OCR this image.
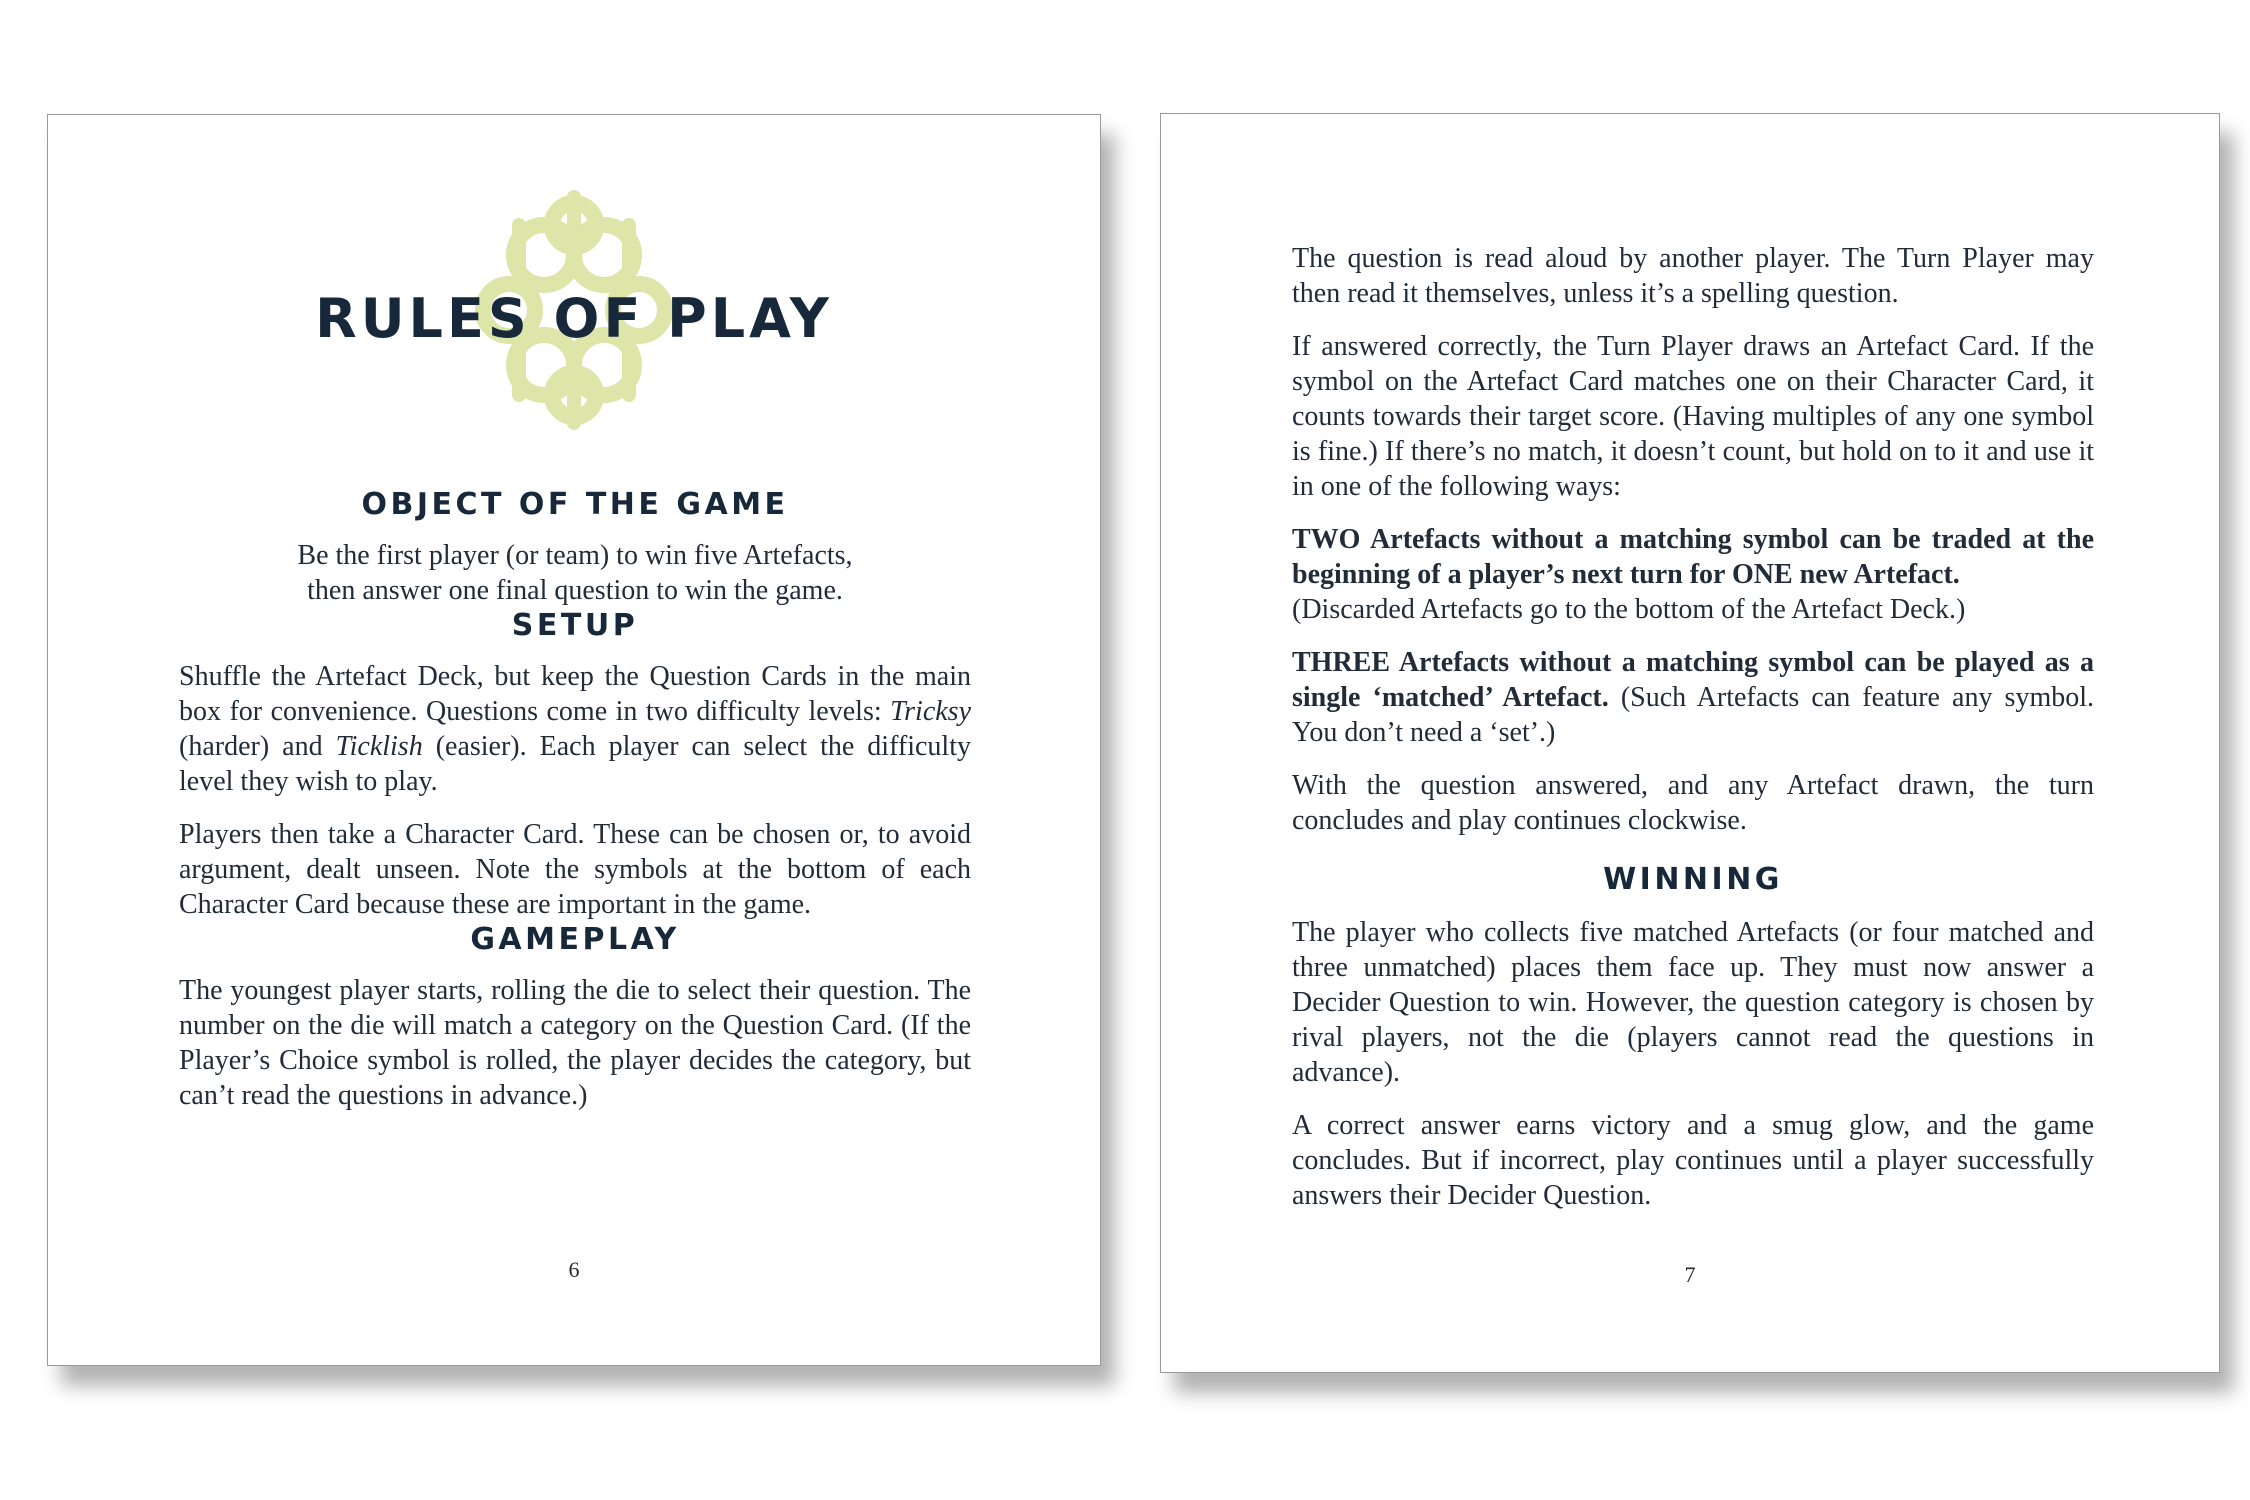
RULES OF PLAY
OBJECT OF THE GAME

Be the first player (or team) to win five Artefacts,
then answer one final question to win the game.

SETUP

Shuffle the Artefact Deck, but keep the Question Cards in the main box for convenience. Questions come in two difficulty levels: Tricksy (harder) and Ticklish (easier). Each player can select the difficulty level they wish to play.

Players then take a Character Card. These can be chosen or, to avoid argument, dealt unseen. Note the symbols at the bottom of each Character Card because these are important in the game.

GAMEPLAY

The youngest player starts, rolling the die to select their question. The number on the die will match a category on the Question Card. (If the Player’s Choice symbol is rolled, the player decides the category, but can’t read the questions in advance.)

6

The question is read aloud by another player. The Turn Player may then read it themselves, unless it’s a spelling question.

If answered correctly, the Turn Player draws an Artefact Card. If the symbol on the Artefact Card matches one on their Character Card, it counts towards their target score. (Having multiples of any one symbol is fine.) If there’s no match, it doesn’t count, but hold on to it and use it in one of the following ways:

TWO Artefacts without a matching symbol can be traded at the beginning of a player’s next turn for ONE new Artefact.
(Discarded Artefacts go to the bottom of the Artefact Deck.)

THREE Artefacts without a matching symbol can be played as a single ‘matched’ Artefact. (Such Artefacts can feature any symbol. You don’t need a ‘set’.)

With the question answered, and any Artefact drawn, the turn concludes and play continues clockwise.

WINNING

The player who collects five matched Artefacts (or four matched and three unmatched) places them face up. They must now answer a Decider Question to win. However, the question category is chosen by rival players, not the die (players cannot read the questions in advance).

A correct answer earns victory and a smug glow, and the game concludes. But if incorrect, play continues until a player successfully answers their Decider Question.

7
